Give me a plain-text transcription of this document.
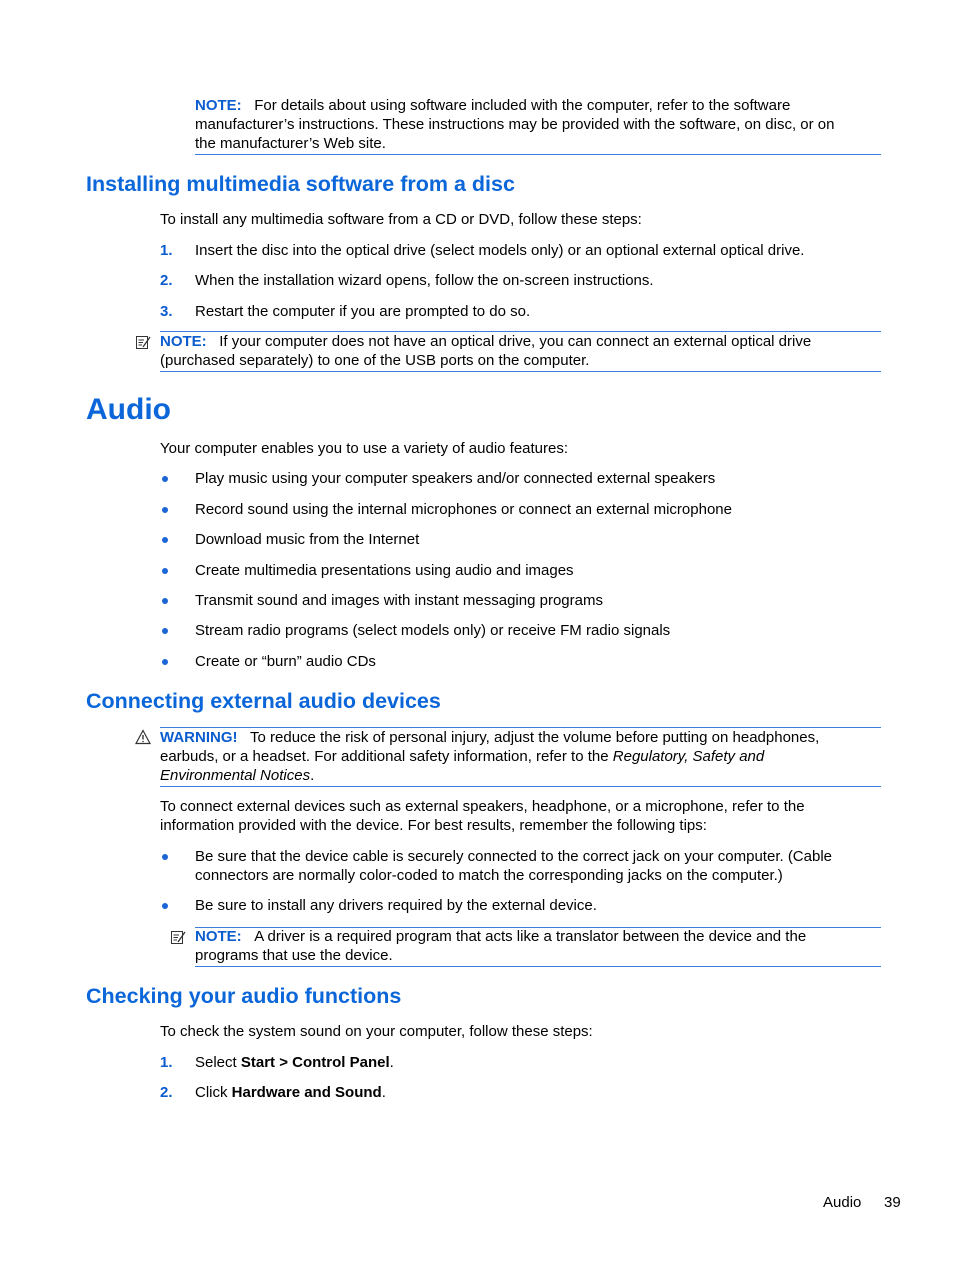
NOTE: For details about using software included with the computer, refer to the software
manufacturer’s instructions. These instructions may be provided with the software, on disc, or on
the manufacturer’s Web site.
Installing multimedia software from a disc
To install any multimedia software from a CD or DVD, follow these steps:
1.	Insert the disc into the optical drive (select models only) or an optional external optical drive.
2.	When the installation wizard opens, follow the on-screen instructions.
3.	Restart the computer if you are prompted to do so.
NOTE: If your computer does not have an optical drive, you can connect an external optical drive
(purchased separately) to one of the USB ports on the computer.
Audio
Your computer enables you to use a variety of audio features:
Play music using your computer speakers and/or connected external speakers
Record sound using the internal microphones or connect an external microphone
Download music from the Internet
Create multimedia presentations using audio and images
Transmit sound and images with instant messaging programs
Stream radio programs (select models only) or receive FM radio signals
Create or “burn” audio CDs
Connecting external audio devices
WARNING! To reduce the risk of personal injury, adjust the volume before putting on headphones,
earbuds, or a headset. For additional safety information, refer to the Regulatory, Safety and
Environmental Notices.
To connect external devices such as external speakers, headphone, or a microphone, refer to the
information provided with the device. For best results, remember the following tips:
Be sure that the device cable is securely connected to the correct jack on your computer. (Cable
connectors are normally color-coded to match the corresponding jacks on the computer.)
Be sure to install any drivers required by the external device.
NOTE: A driver is a required program that acts like a translator between the device and the
programs that use the device.
Checking your audio functions
To check the system sound on your computer, follow these steps:
1.	Select Start > Control Panel.
2.	Click Hardware and Sound.
Audio 39
